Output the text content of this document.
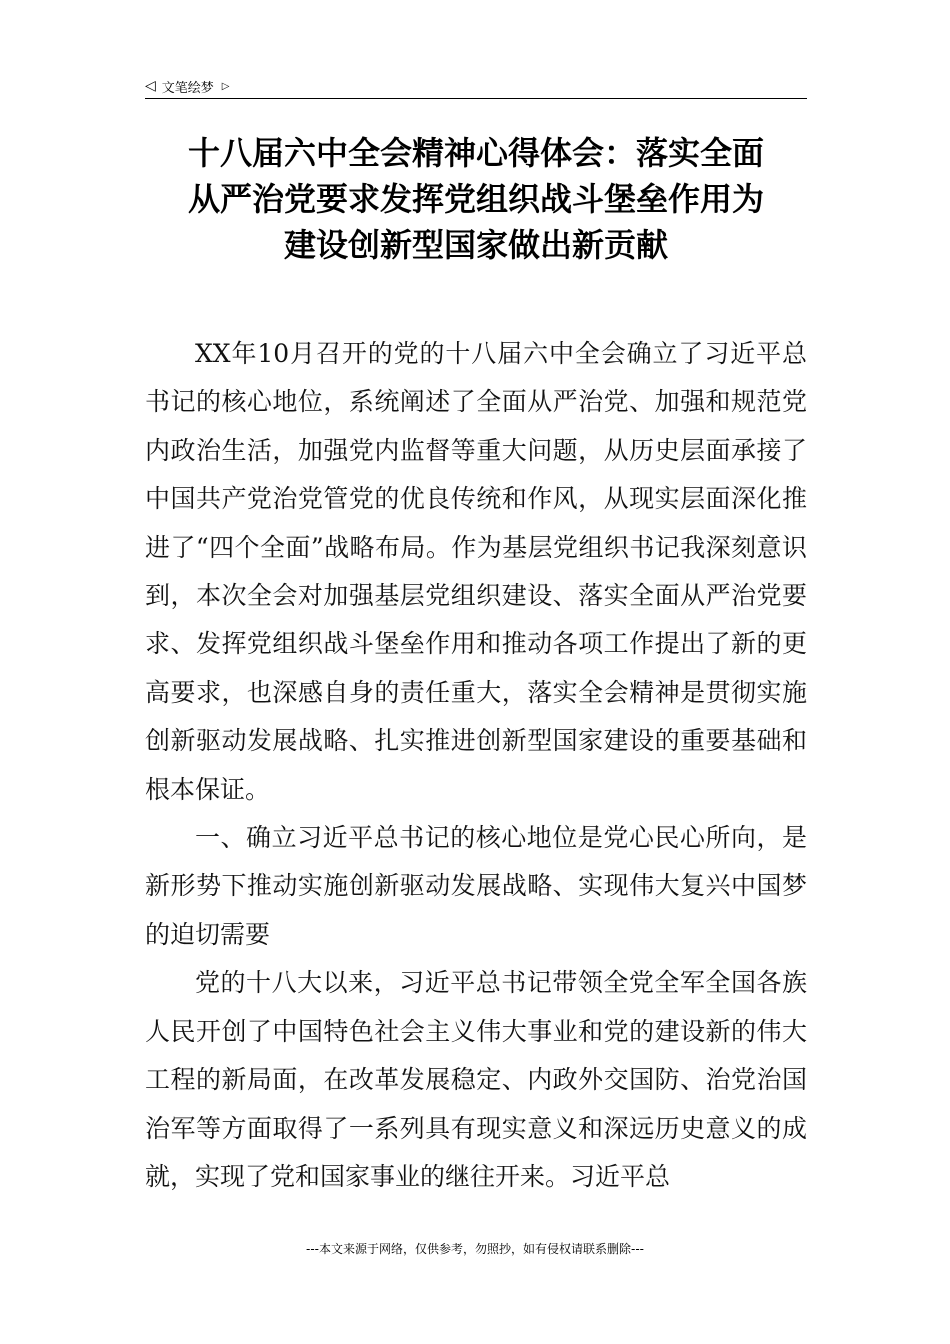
◁ 文笔绘梦 ▷
十八届六中全会精神心得体会：落实全面
从严治党要求发挥党组织战斗堡垒作用为
建设创新型国家做出新贡献

XX年10月召开的党的十八届六中全会确立了习近平总书记的核心地位，系统阐述了全面从严治党、加强和规范党内政治生活，加强党内监督等重大问题，从历史层面承接了中国共产党治党管党的优良传统和作风，从现实层面深化推进了“四个全面”战略布局。作为基层党组织书记我深刻意识到，本次全会对加强基层党组织建设、落实全面从严治党要求、发挥党组织战斗堡垒作用和推动各项工作提出了新的更高要求，也深感自身的责任重大，落实全会精神是贯彻实施创新驱动发展战略、扎实推进创新型国家建设的重要基础和根本保证。

一、确立习近平总书记的核心地位是党心民心所向，是新形势下推动实施创新驱动发展战略、实现伟大复兴中国梦的迫切需要

党的十八大以来，习近平总书记带领全党全军全国各族人民开创了中国特色社会主义伟大事业和党的建设新的伟大工程的新局面，在改革发展稳定、内政外交国防、治党治国治军等方面取得了一系列具有现实意义和深远历史意义的成就，实现了党和国家事业的继往开来。习近平总

---本文来源于网络，仅供参考，勿照抄，如有侵权请联系删除---
